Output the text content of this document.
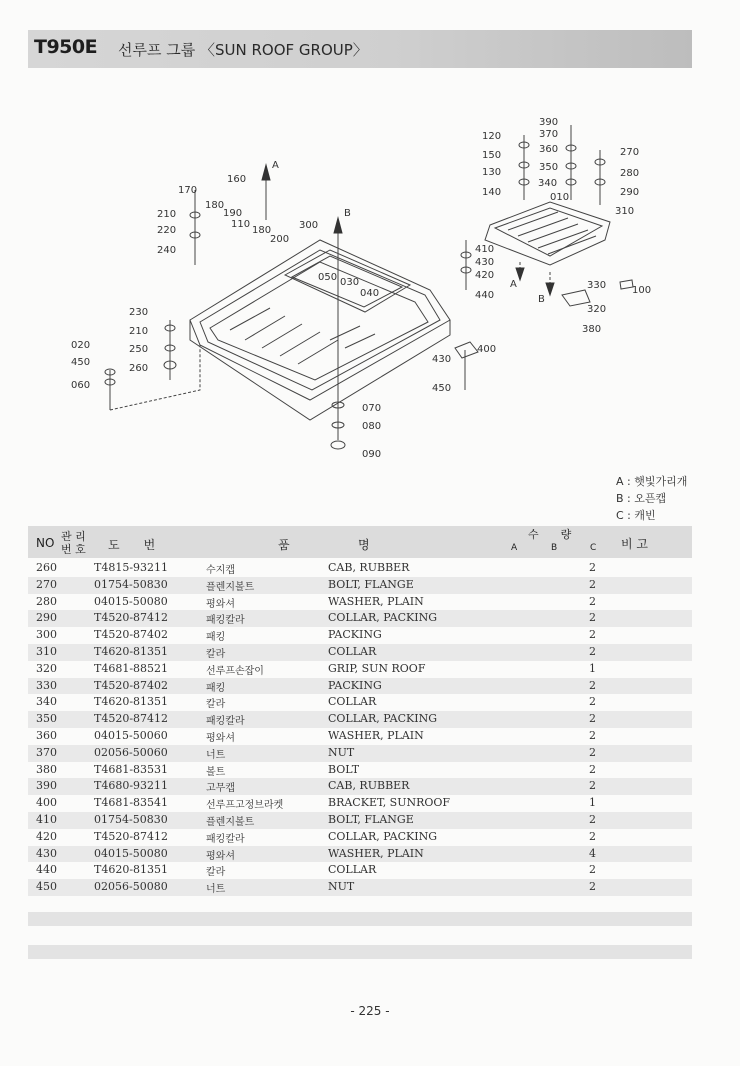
T950E 선루프 그룹 〈SUN ROOF GROUP〉
390
370
360
350
340
010
120
150
130
140
270
280
290
310
160
170
180
190
110
180
200
300
210
220
240	410
430
420
440	100
330
320
380
050 030
040
230
210
250
260
020
450
060
400
430
450
070
080
090
A
B
A
B
A : 햇빛가리개
B : 오픈캡
C : 캐빈
NO 관 리
번 호 도　　번	품	명
수　　량
A	B	C 비 고
260	T4815-93211	수지캡	CAB, RUBBER	2
270	01754-50830	플렌지볼트	BOLT, FLANGE	2
280	04015-50080	평와셔	WASHER, PLAIN	2
290	T4520-87412	패킹칼라	COLLAR, PACKING	2
300	T4520-87402	패킹	PACKING	2
310	T4620-81351	칼라	COLLAR	2
320	T4681-88521	선루프손잡이	GRIP, SUN ROOF	1
330	T4520-87402	패킹	PACKING	2
340	T4620-81351	칼라	COLLAR	2
350	T4520-87412	패킹칼라	COLLAR, PACKING	2
360	04015-50060	평와셔	WASHER, PLAIN	2
370	02056-50060	너트	NUT	2
380	T4681-83531	볼트	BOLT	2
390	T4680-93211	고무캡	CAB, RUBBER	2
400	T4681-83541	선루프고정브라켓	BRACKET, SUNROOF	1
410	01754-50830	플렌지볼트	BOLT, FLANGE	2
420	T4520-87412	패킹칼라	COLLAR, PACKING	2
430	04015-50080	평와셔	WASHER, PLAIN	4
440	T4620-81351	칼라	COLLAR	2
450	02056-50080	너트	NUT	2
- 225 -
